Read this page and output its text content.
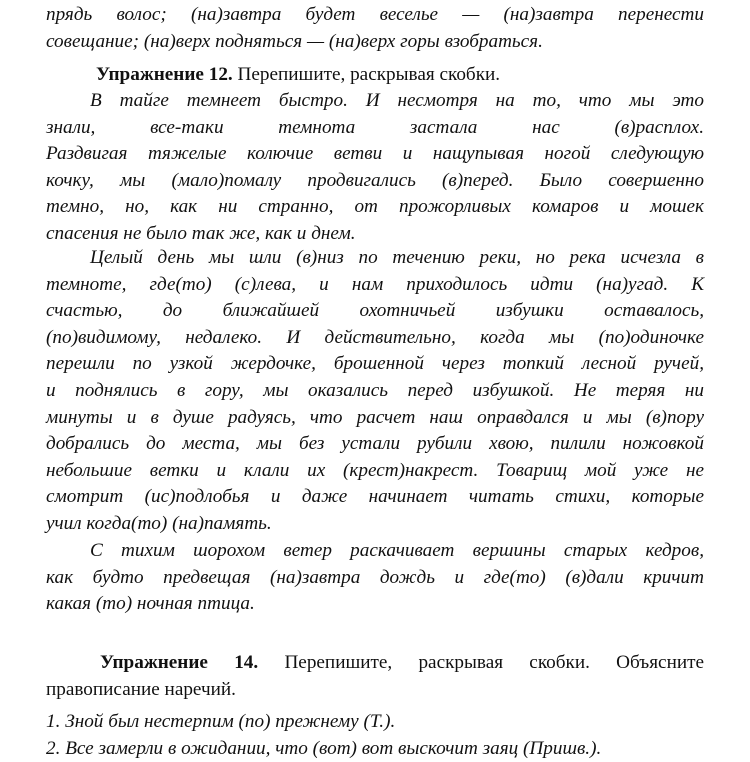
прядь волос; (на)завтра будет веселье — (на)завтра перенести
совещание; (на)верх подняться — (на)верх горы взобраться.
Упражнение 12. Перепишите, раскрывая скобки.
В тайге темнеет быстро. И несмотря на то, что мы это
знали, все-таки темнота застала нас (в)расплох.
Раздвигая тяжелые колючие ветви и нащупывая ногой следующую
кочку, мы (мало)помалу продвигались (в)перед. Было совершенно
темно, но, как ни странно, от прожорливых комаров и мошек
спасения не было так же, как и днем.
Целый день мы шли (в)низ по течению реки, но река исчезла в
темноте, где(то) (с)лева, и нам приходилось идти (на)угад. К
счастью, до ближайшей охотничьей избушки оставалось,
(по)видимому, недалеко. И действительно, когда мы (по)одиночке
перешли по узкой жердочке, брошенной через топкий лесной ручей,
и поднялись в гору, мы оказались перед избушкой. Не теряя ни
минуты и в душе радуясь, что расчет наш оправдался и мы (в)пору
добрались до места, мы без устали рубили хвою, пилили ножовкой
небольшие ветки и клали их (крест)накрест. Товарищ мой уже не
смотрит (ис)подлобья и даже начинает читать стихи, которые
учил когда(то) (на)память.
С тихим шорохом ветер раскачивает вершины старых кедров,
как будто предвещая (на)завтра дождь и где(то) (в)дали кричит
какая (то) ночная птица.
Упражнение 14. Перепишите, раскрывая скобки. Объясните
правописание наречий.
1. Зной был нестерпим (по) прежнему (Т.).
2. Все замерли в ожидании, что (вот) вот выскочит заяц (Пришв.).
